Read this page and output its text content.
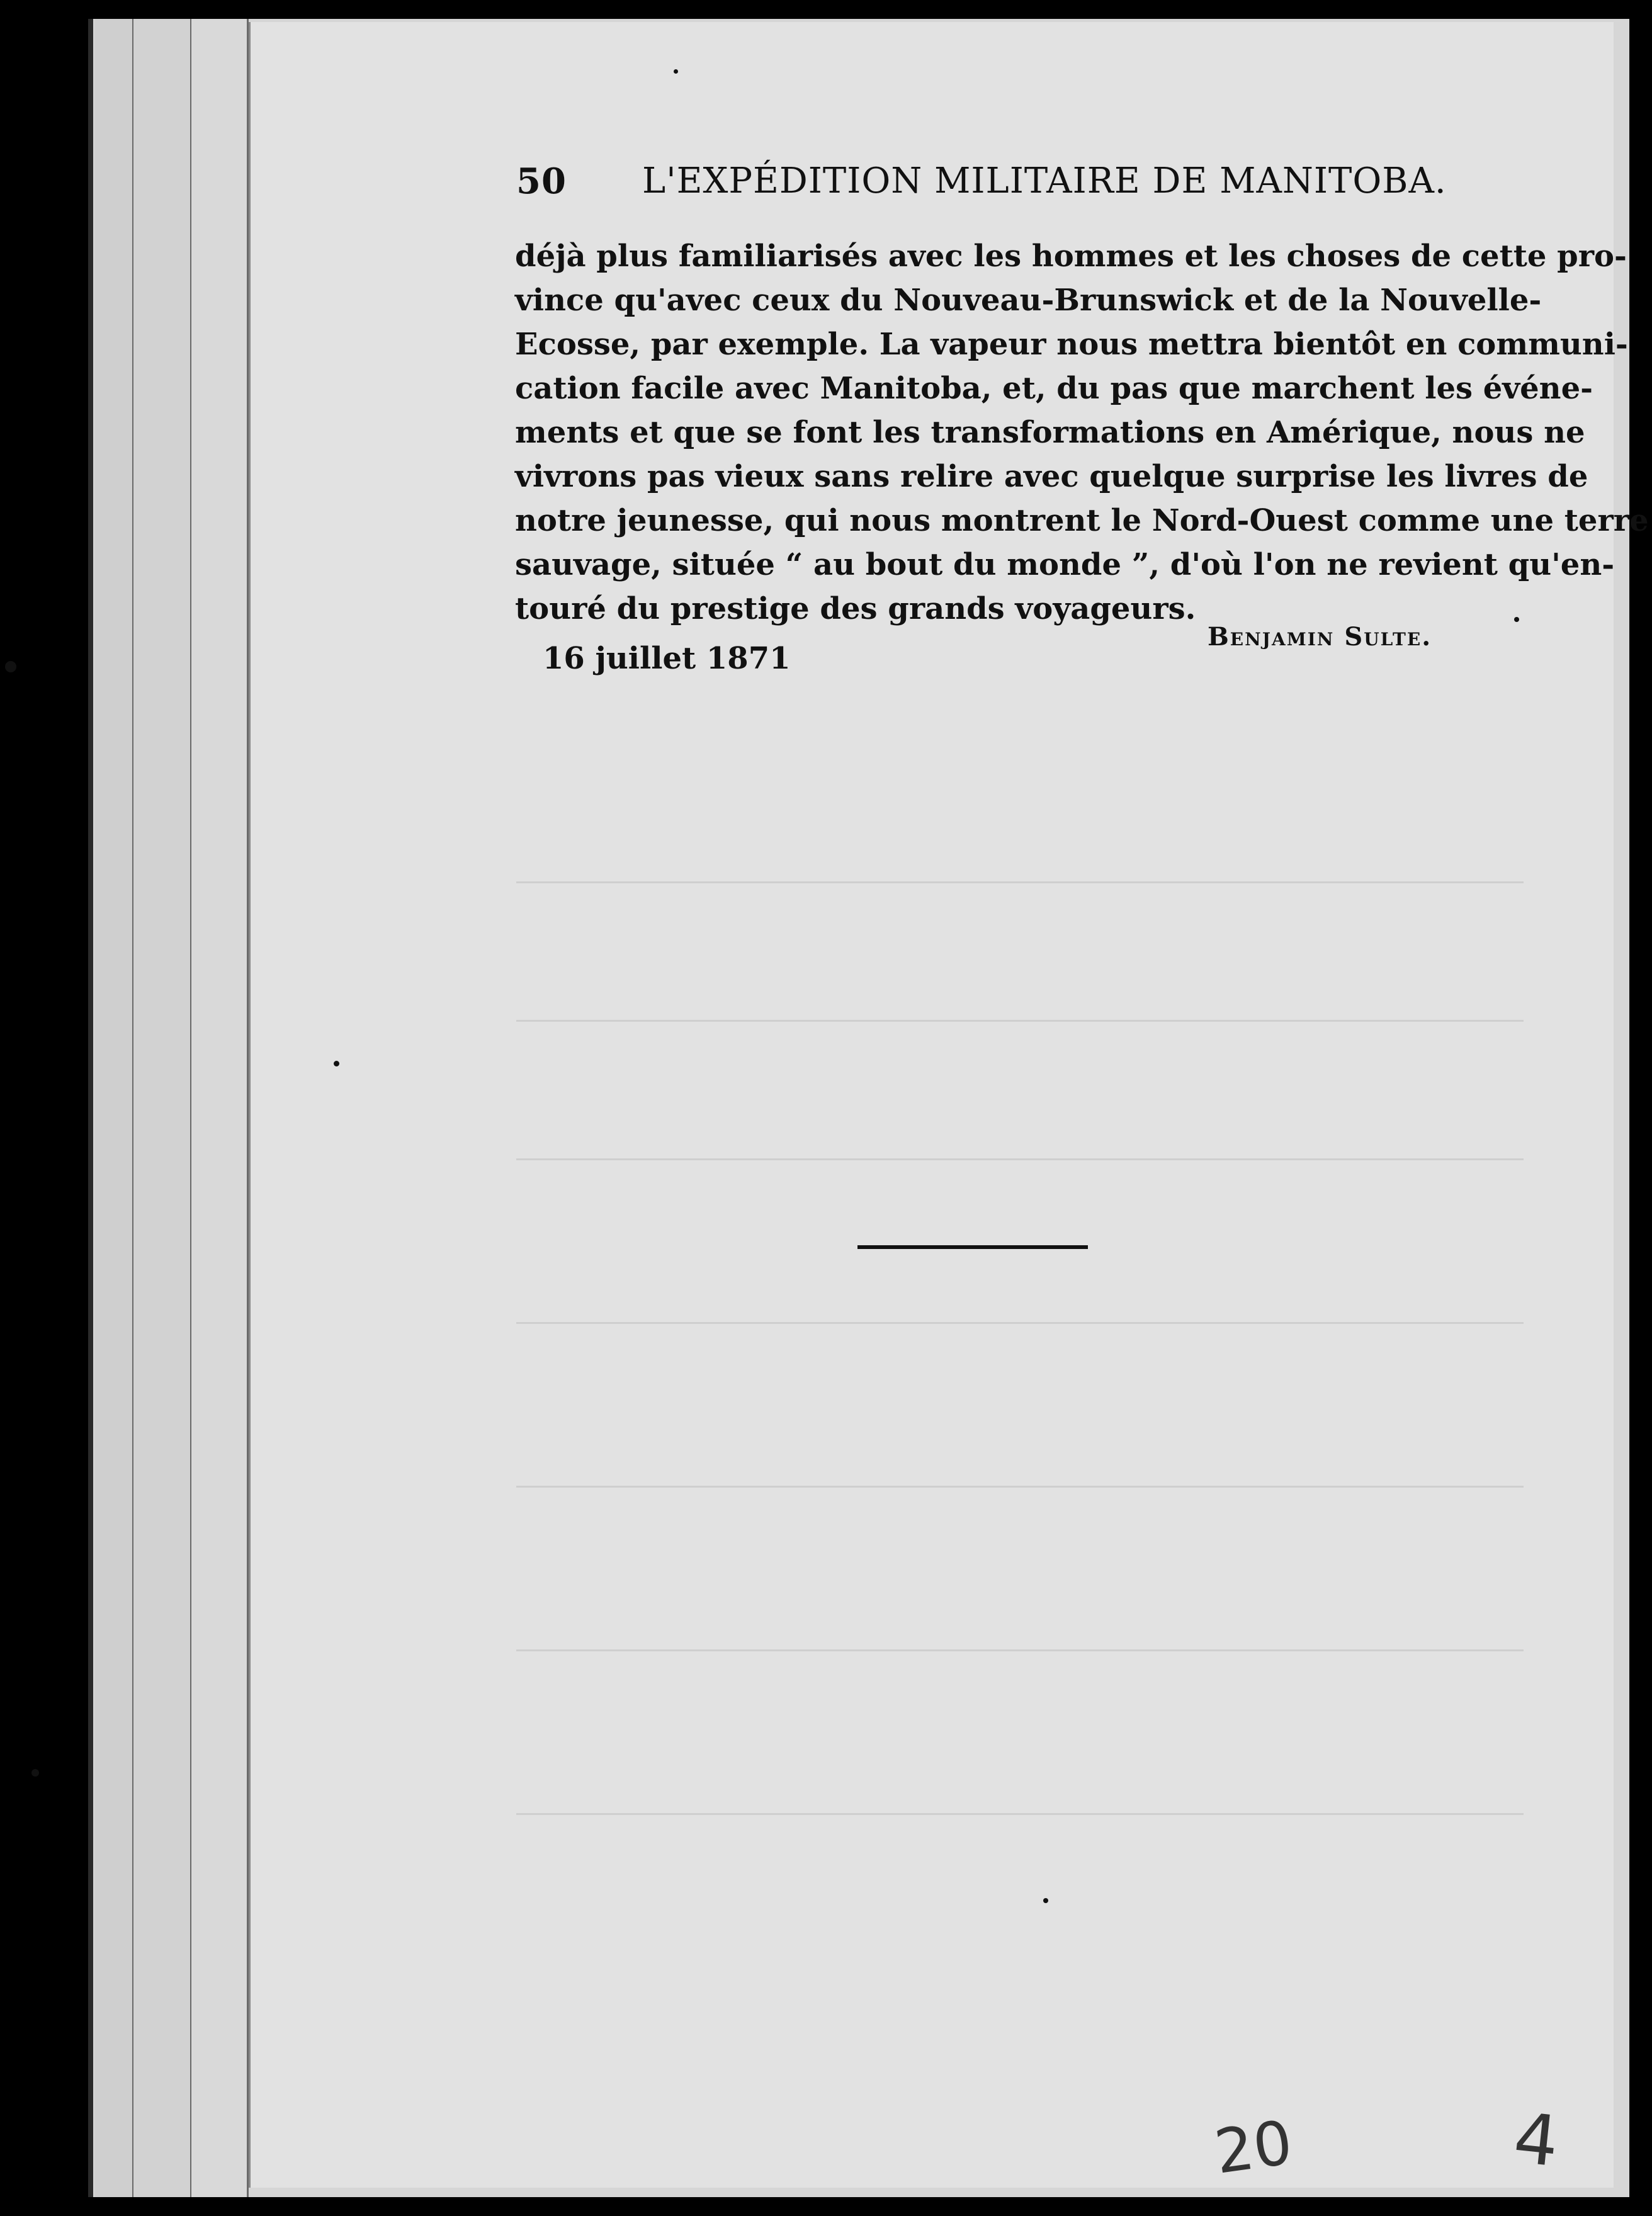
50 L'EXPÉDITION MILITAIRE DE MANITOBA.
déjà plus familiarisés avec les hommes et les choses de cette pro-
vince qu'avec ceux du Nouveau-Brunswick et de la Nouvelle-
Ecosse, par exemple. La vapeur nous mettra bientôt en communi-
cation facile avec Manitoba, et, du pas que marchent les événe-
ments et que se font les transformations en Amérique, nous ne
vivrons pas vieux sans relire avec quelque surprise les livres de
notre jeunesse, qui nous montrent le Nord-Ouest comme une terre
sauvage, située “ au bout du monde ”, d'où l'on ne revient qu'en-
touré du prestige des grands voyageurs.
Benjamin Sulte.
16 juillet 1871
20	4
